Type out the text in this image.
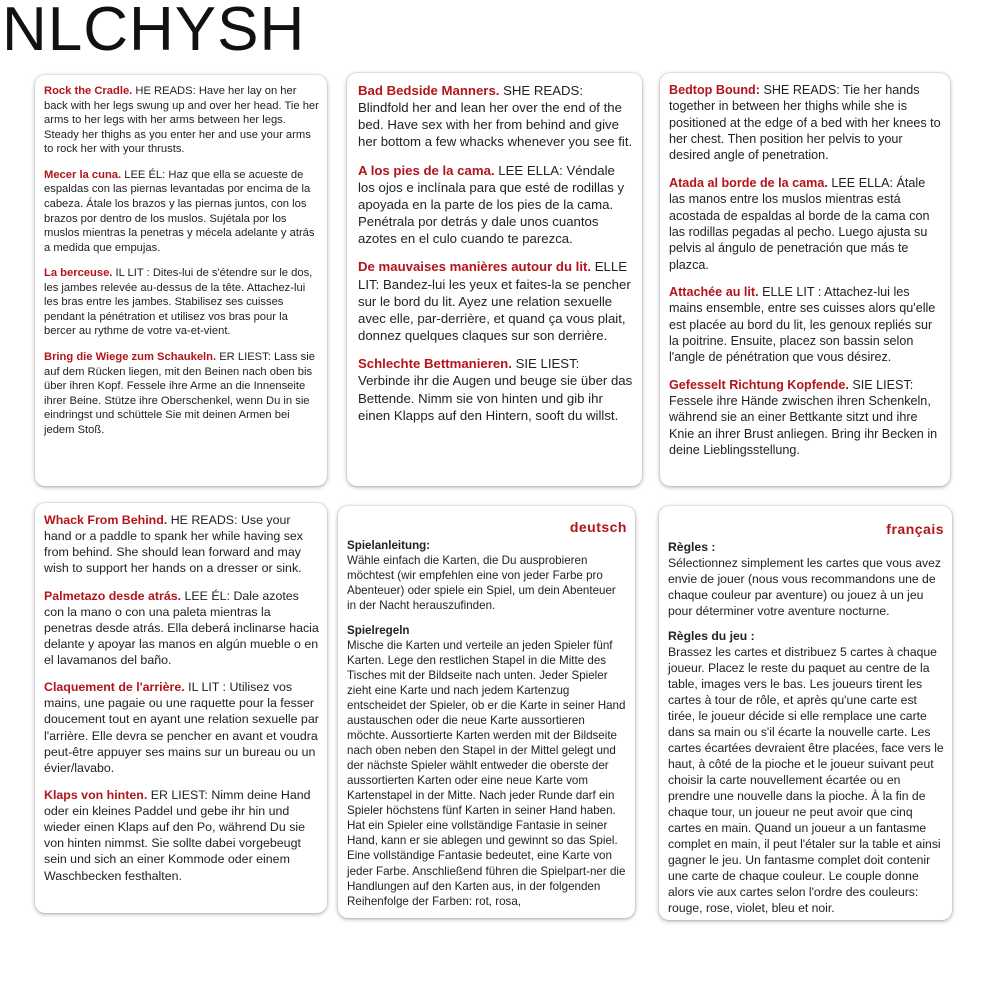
NLCHYSH

Rock the Cradle. HE READS: Have her lay on her back with her legs swung up and over her head. Tie her arms to her legs with her arms between her legs. Steady her thighs as you enter her and use your arms to rock her with your thrusts.

Mecer la cuna. LEE ÉL: Haz que ella se acueste de espaldas con las piernas levantadas por encima de la cabeza. Átale los brazos y las piernas juntos, con los brazos por dentro de los muslos. Sujétala por los muslos mientras la penetras y mécela adelante y atrás a medida que empujas.

La berceuse. IL LIT : Dites-lui de s'étendre sur le dos, les jambes relevée au-dessus de la tête. Attachez-lui les bras entre les jambes. Stabilisez ses cuisses pendant la pénétration et utilisez vos bras pour la bercer au rythme de votre va-et-vient.

Bring die Wiege zum Schaukeln. ER LIEST: Lass sie auf dem Rücken liegen, mit den Beinen nach oben bis über ihren Kopf. Fessele ihre Arme an die Innenseite ihrer Beine. Stütze ihre Oberschenkel, wenn Du in sie eindringst und schüttele Sie mit deinen Armen bei jedem Stoß.

Bad Bedside Manners. SHE READS: Blindfold her and lean her over the end of the bed. Have sex with her from behind and give her bottom a few whacks whenever you see fit.

A los pies de la cama. LEE ELLA: Véndale los ojos e inclínala para que esté de rodillas y apoyada en la parte de los pies de la cama. Penétrala por detrás y dale unos cuantos azotes en el culo cuando te parezca.

De mauvaises manières autour du lit. ELLE LIT: Bandez-lui les yeux et faites-la se pencher sur le bord du lit. Ayez une relation sexuelle avec elle, par-derrière, et quand ça vous plait, donnez quelques claques sur son derrière.

Schlechte Bettmanieren. SIE LIEST: Verbinde ihr die Augen und beuge sie über das Bettende. Nimm sie von hinten und gib ihr einen Klapps auf den Hintern, sooft du willst.

Bedtop Bound: SHE READS: Tie her hands together in between her thighs while she is positioned at the edge of a bed with her knees to her chest. Then position her pelvis to your desired angle of penetration.

Atada al borde de la cama. LEE ELLA: Átale las manos entre los muslos mientras está acostada de espaldas al borde de la cama con las rodillas pegadas al pecho. Luego ajusta su pelvis al ángulo de penetración que más te plazca.

Attachée au lit. ELLE LIT : Attachez-lui les mains ensemble, entre ses cuisses alors qu'elle est placée au bord du lit, les genoux repliés sur la poitrine. Ensuite, placez son bassin selon l'angle de pénétration que vous désirez.

Gefesselt Richtung Kopfende. SIE LIEST: Fessele ihre Hände zwischen ihren Schenkeln, während sie an einer Bettkante sitzt und ihre Knie an ihrer Brust anliegen. Bring ihr Becken in deine Lieblingsstellung.

Whack From Behind. HE READS: Use your hand or a paddle to spank her while having sex from behind. She should lean forward and may wish to support her hands on a dresser or sink.

Palmetazo desde atrás. LEE ÉL: Dale azotes con la mano o con una paleta mientras la penetras desde atrás. Ella deberá inclinarse hacia delante y apoyar las manos en algún mueble o en el lavamanos del baño.

Claquement de l'arrière. IL LIT : Utilisez vos mains, une pagaie ou une raquette pour la fesser doucement tout en ayant une relation sexuelle par l'arrière. Elle devra se pencher en avant et voudra peut-être appuyer ses mains sur un bureau ou un évier/lavabo.

Klaps von hinten. ER LIEST: Nimm deine Hand oder ein kleines Paddel und gebe ihr hin und wieder einen Klaps auf den Po, während Du sie von hinten nimmst. Sie sollte dabei vorgebeugt sein und sich an einer Kommode oder einem Waschbecken festhalten.

deutsch

Spielanleitung:
Wähle einfach die Karten, die Du ausprobieren möchtest (wir empfehlen eine von jeder Farbe pro Abenteuer) oder spiele ein Spiel, um dein Abenteuer in der Nacht herauszufinden.
Spielregeln
Mische die Karten und verteile an jeden Spieler fünf Karten. Lege den restlichen Stapel in die Mitte des Tisches mit der Bildseite nach unten. Jeder Spieler zieht eine Karte und nach jedem Kartenzug entscheidet der Spieler, ob er die Karte in seiner Hand austauschen oder die neue Karte aussortieren möchte. Aussortierte Karten werden mit der Bildseite nach oben neben den Stapel in der Mittel gelegt und der nächste Spieler wählt entweder die oberste der aussortierten Karten oder eine neue Karte vom Kartenstapel in der Mitte. Nach jeder Runde darf ein Spieler höchstens fünf Karten in seiner Hand haben. Hat ein Spieler eine vollständige Fantasie in seiner Hand, kann er sie ablegen und gewinnt so das Spiel. Eine vollständige Fantasie bedeutet, eine Karte von jeder Farbe. Anschließend führen die Spielpart-ner die Handlungen auf den Karten aus, in der folgenden Reihenfolge der Farben: rot, rosa,

français

Règles :
Sélectionnez simplement les cartes que vous avez envie de jouer (nous vous recommandons une de chaque couleur par aventure) ou jouez à un jeu pour déterminer votre aventure nocturne.
Règles du jeu :
Brassez les cartes et distribuez 5 cartes à chaque joueur. Placez le reste du paquet au centre de la table, images vers le bas. Les joueurs tirent les cartes à tour de rôle, et après qu'une carte est tirée, le joueur décide si elle remplace une carte dans sa main ou s'il écarte la nouvelle carte. Les cartes écartées devraient être placées, face vers le haut, à côté de la pioche et le joueur suivant peut choisir la carte nouvellement écartée ou en prendre une nouvelle dans la pioche. À la fin de chaque tour, un joueur ne peut avoir que cinq cartes en main. Quand un joueur a un fantasme complet en main, il peut l'étaler sur la table et ainsi gagner le jeu. Un fantasme complet doit contenir une carte de chaque couleur. Le couple donne alors vie aux cartes selon l'ordre des couleurs: rouge, rose, violet, bleu et noir.
